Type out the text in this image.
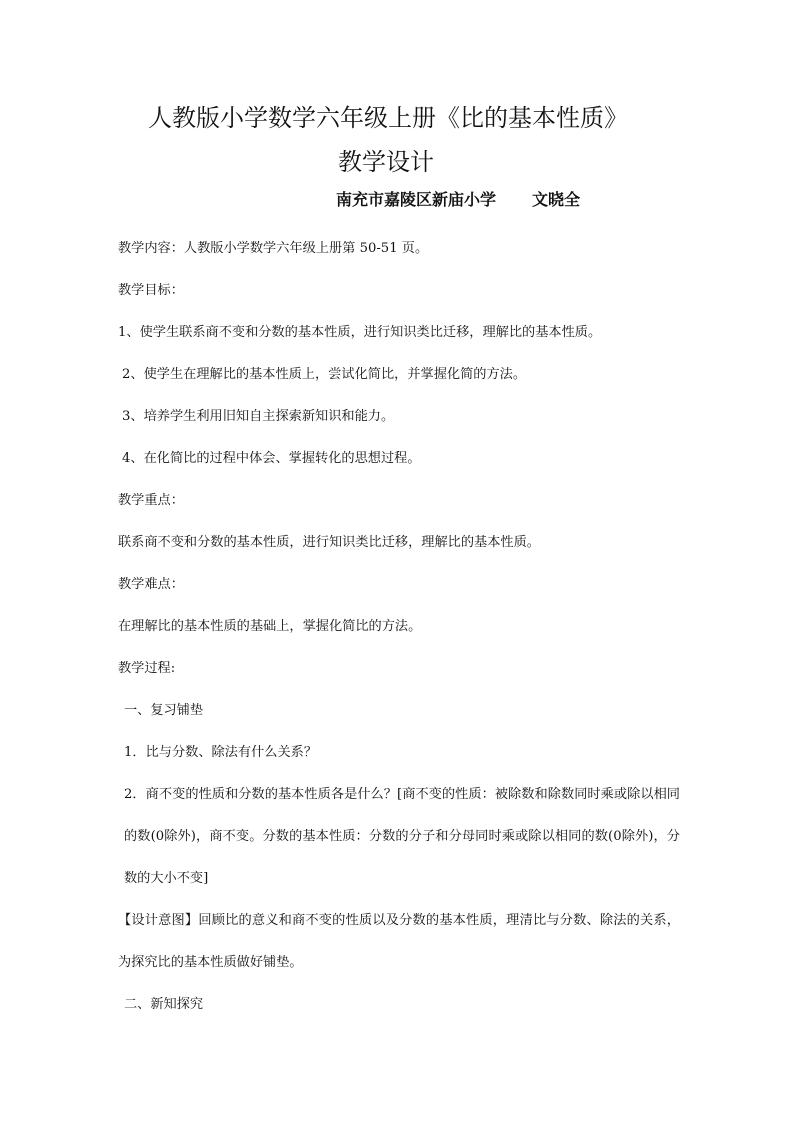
人教版小学数学六年级上册《比的基本性质》
教学设计
南充市嘉陵区新庙小学 文晓全

教学内容：人教版小学数学六年级上册第 50-51 页。

教学目标：

1、使学生联系商不变和分数的基本性质，进行知识类比迁移，理解比的基本性质。

2、使学生在理解比的基本性质上，尝试化简比，并掌握化简的方法。

3、培养学生利用旧知自主探索新知识和能力。

4、在化简比的过程中体会、掌握转化的思想过程。

教学重点：

联系商不变和分数的基本性质，进行知识类比迁移，理解比的基本性质。

教学难点：

在理解比的基本性质的基础上，掌握化简比的方法。

教学过程:

一、复习铺垫

1．比与分数、除法有什么关系？

2．商不变的性质和分数的基本性质各是什么？[商不变的性质：被除数和除数同时乘或除以相同的数(0除外)，商不变。分数的基本性质：分数的分子和分母同时乘或除以相同的数(0除外)，分数的大小不变]

【设计意图】回顾比的意义和商不变的性质以及分数的基本性质，理清比与分数、除法的关系，为探究比的基本性质做好铺垫。

二、新知探究
